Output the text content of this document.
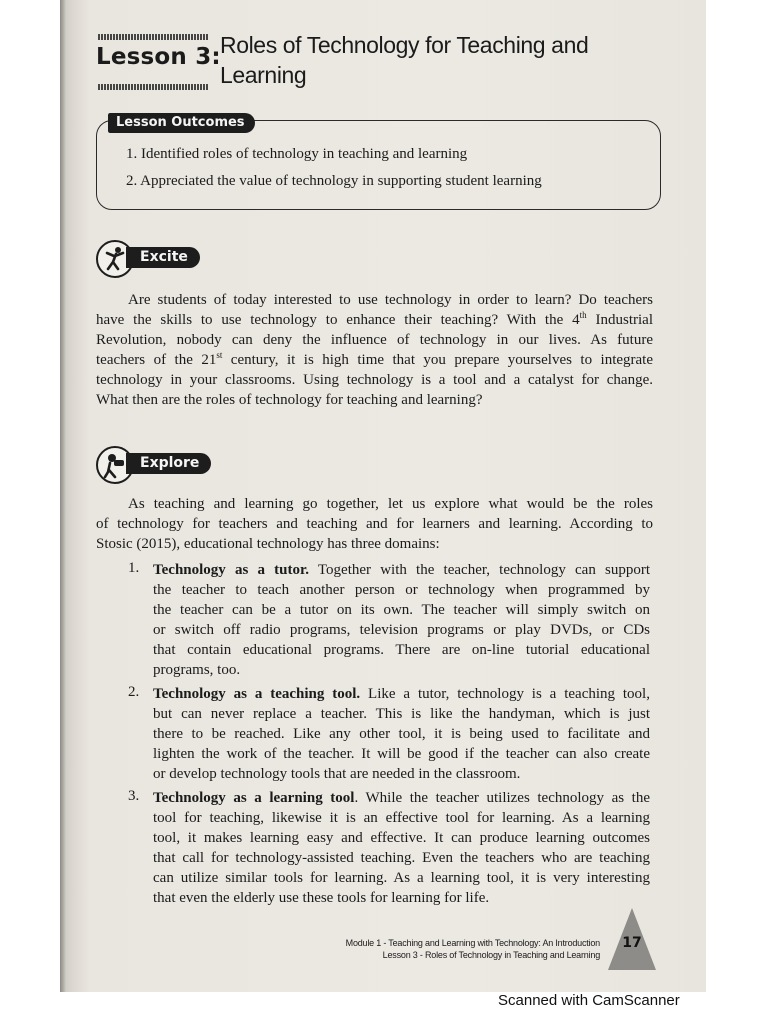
Lesson 3: Roles of Technology for Teaching and
Learning
Lesson Outcomes
1. Identified roles of technology in teaching and learning
2. Appreciated the value of technology in supporting student learning
Excite
Are students of today interested to use technology in order to learn? Do teachers
have the skills to use technology to enhance their teaching? With the 4th Industrial
Revolution, nobody can deny the influence of technology in our lives. As future
teachers of the 21st century, it is high time that you prepare yourselves to integrate
technology in your classrooms. Using technology is a tool and a catalyst for change.
What then are the roles of technology for teaching and learning?
Explore
As teaching and learning go together, let us explore what would be the roles
of technology for teachers and teaching and for learners and learning. According to
Stosic (2015), educational technology has three domains:
1. Technology as a tutor. Together with the teacher, technology can support
the teacher to teach another person or technology when programmed by
the teacher can be a tutor on its own. The teacher will simply switch on
or switch off radio programs, television programs or play DVDs, or CDs
that contain educational programs. There are on-line tutorial educational
programs, too.
2. Technology as a teaching tool. Like a tutor, technology is a teaching tool,
but can never replace a teacher. This is like the handyman, which is just
there to be reached. Like any other tool, it is being used to facilitate and
lighten the work of the teacher. It will be good if the teacher can also create
or develop technology tools that are needed in the classroom.
3. Technology as a learning tool. While the teacher utilizes technology as the
tool for teaching, likewise it is an effective tool for learning. As a learning
tool, it makes learning easy and effective. It can produce learning outcomes
that call for technology-assisted teaching. Even the teachers who are teaching
can utilize similar tools for learning. As a learning tool, it is very interesting
that even the elderly use these tools for learning for life.
Module 1 - Teaching and Learning with Technology: An Introduction
Lesson 3 - Roles of Technology in Teaching and Learning
17
Scanned with CamScanner
